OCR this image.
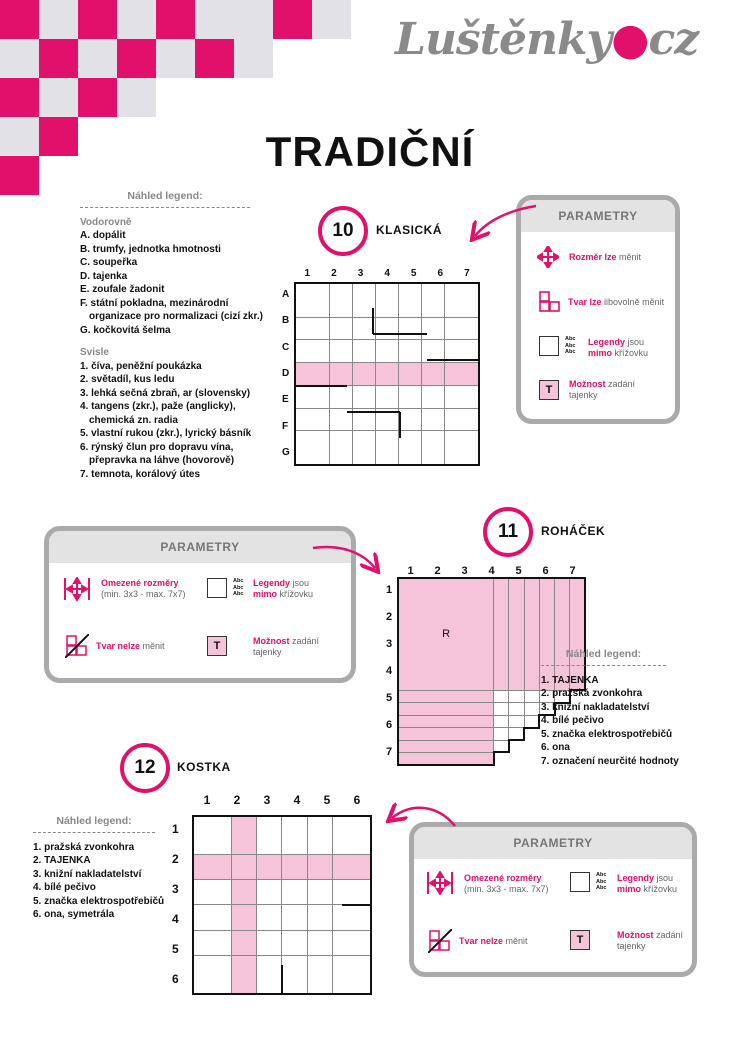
Luštěnky●cz
TRADIČNÍ
Náhled legend:
Vodorovně
A. dopálit
B. trumfy, jednotka hmotnosti
C. soupeřka
D. tajenka
E. zoufale žadonit
F. státní pokladna, mezinárodní
organizace pro normalizaci (cizí zkr.)
G. kočkovitá šelma
Svisle
1. číva, peněžní poukázka
2. světadíl, kus ledu
3. lehká sečná zbraň, ar (slovensky)
4. tangens (zkr.), paže (anglicky),
chemická zn. radia
5. vlastní rukou (zkr.), lyrický básník
6. rýnský člun pro dopravu vína,
přepravka na láhve (hovorově)
7. temnota, korálový útes
10	KLASICKÁ
1	2	3	4	5	6	7
A
B
C
D
E
F
G

PARAMETRY
Rozměr lze měnit
Tvar lze libovolně měnit
Abc
Abc
Abc
Legendy jsou
mimo křížovku
T	Možnost zadání
tajenky
PARAMETRY
Omezené rozměry
(min. 3x3 - max. 7x7)
Abc
Abc
Abc
Legendy jsou
mimo křížovku
Tvar nelze měnit	T	Možnost zadání
tajenky
11	ROHÁČEK
1	2	3	4	5	6	7
1
2
3
4
5
6
7
R						

Náhled legend:
1. TAJENKA
2. pražská zvonkohra
3. knižní nakladatelství
4. bílé pečivo
5. značka elektrospotřebičů
6. ona
7. označení neurčité hodnoty
12	KOSTKA
Náhled legend:
1. pražská zvonkohra
2. TAJENKA
3. knižní nakladatelství
4. bílé pečivo
5. značka elektrospotřebičů
6. ona, symetrála
1	2	3	4	5	6
1
2
3
4
5
6

PARAMETRY
Omezené rozměry
(min. 3x3 - max. 7x7)
Abc
Abc
Abc
Legendy jsou
mimo křížovku
Tvar nelze měnit	T	Možnost zadání
tajenky
